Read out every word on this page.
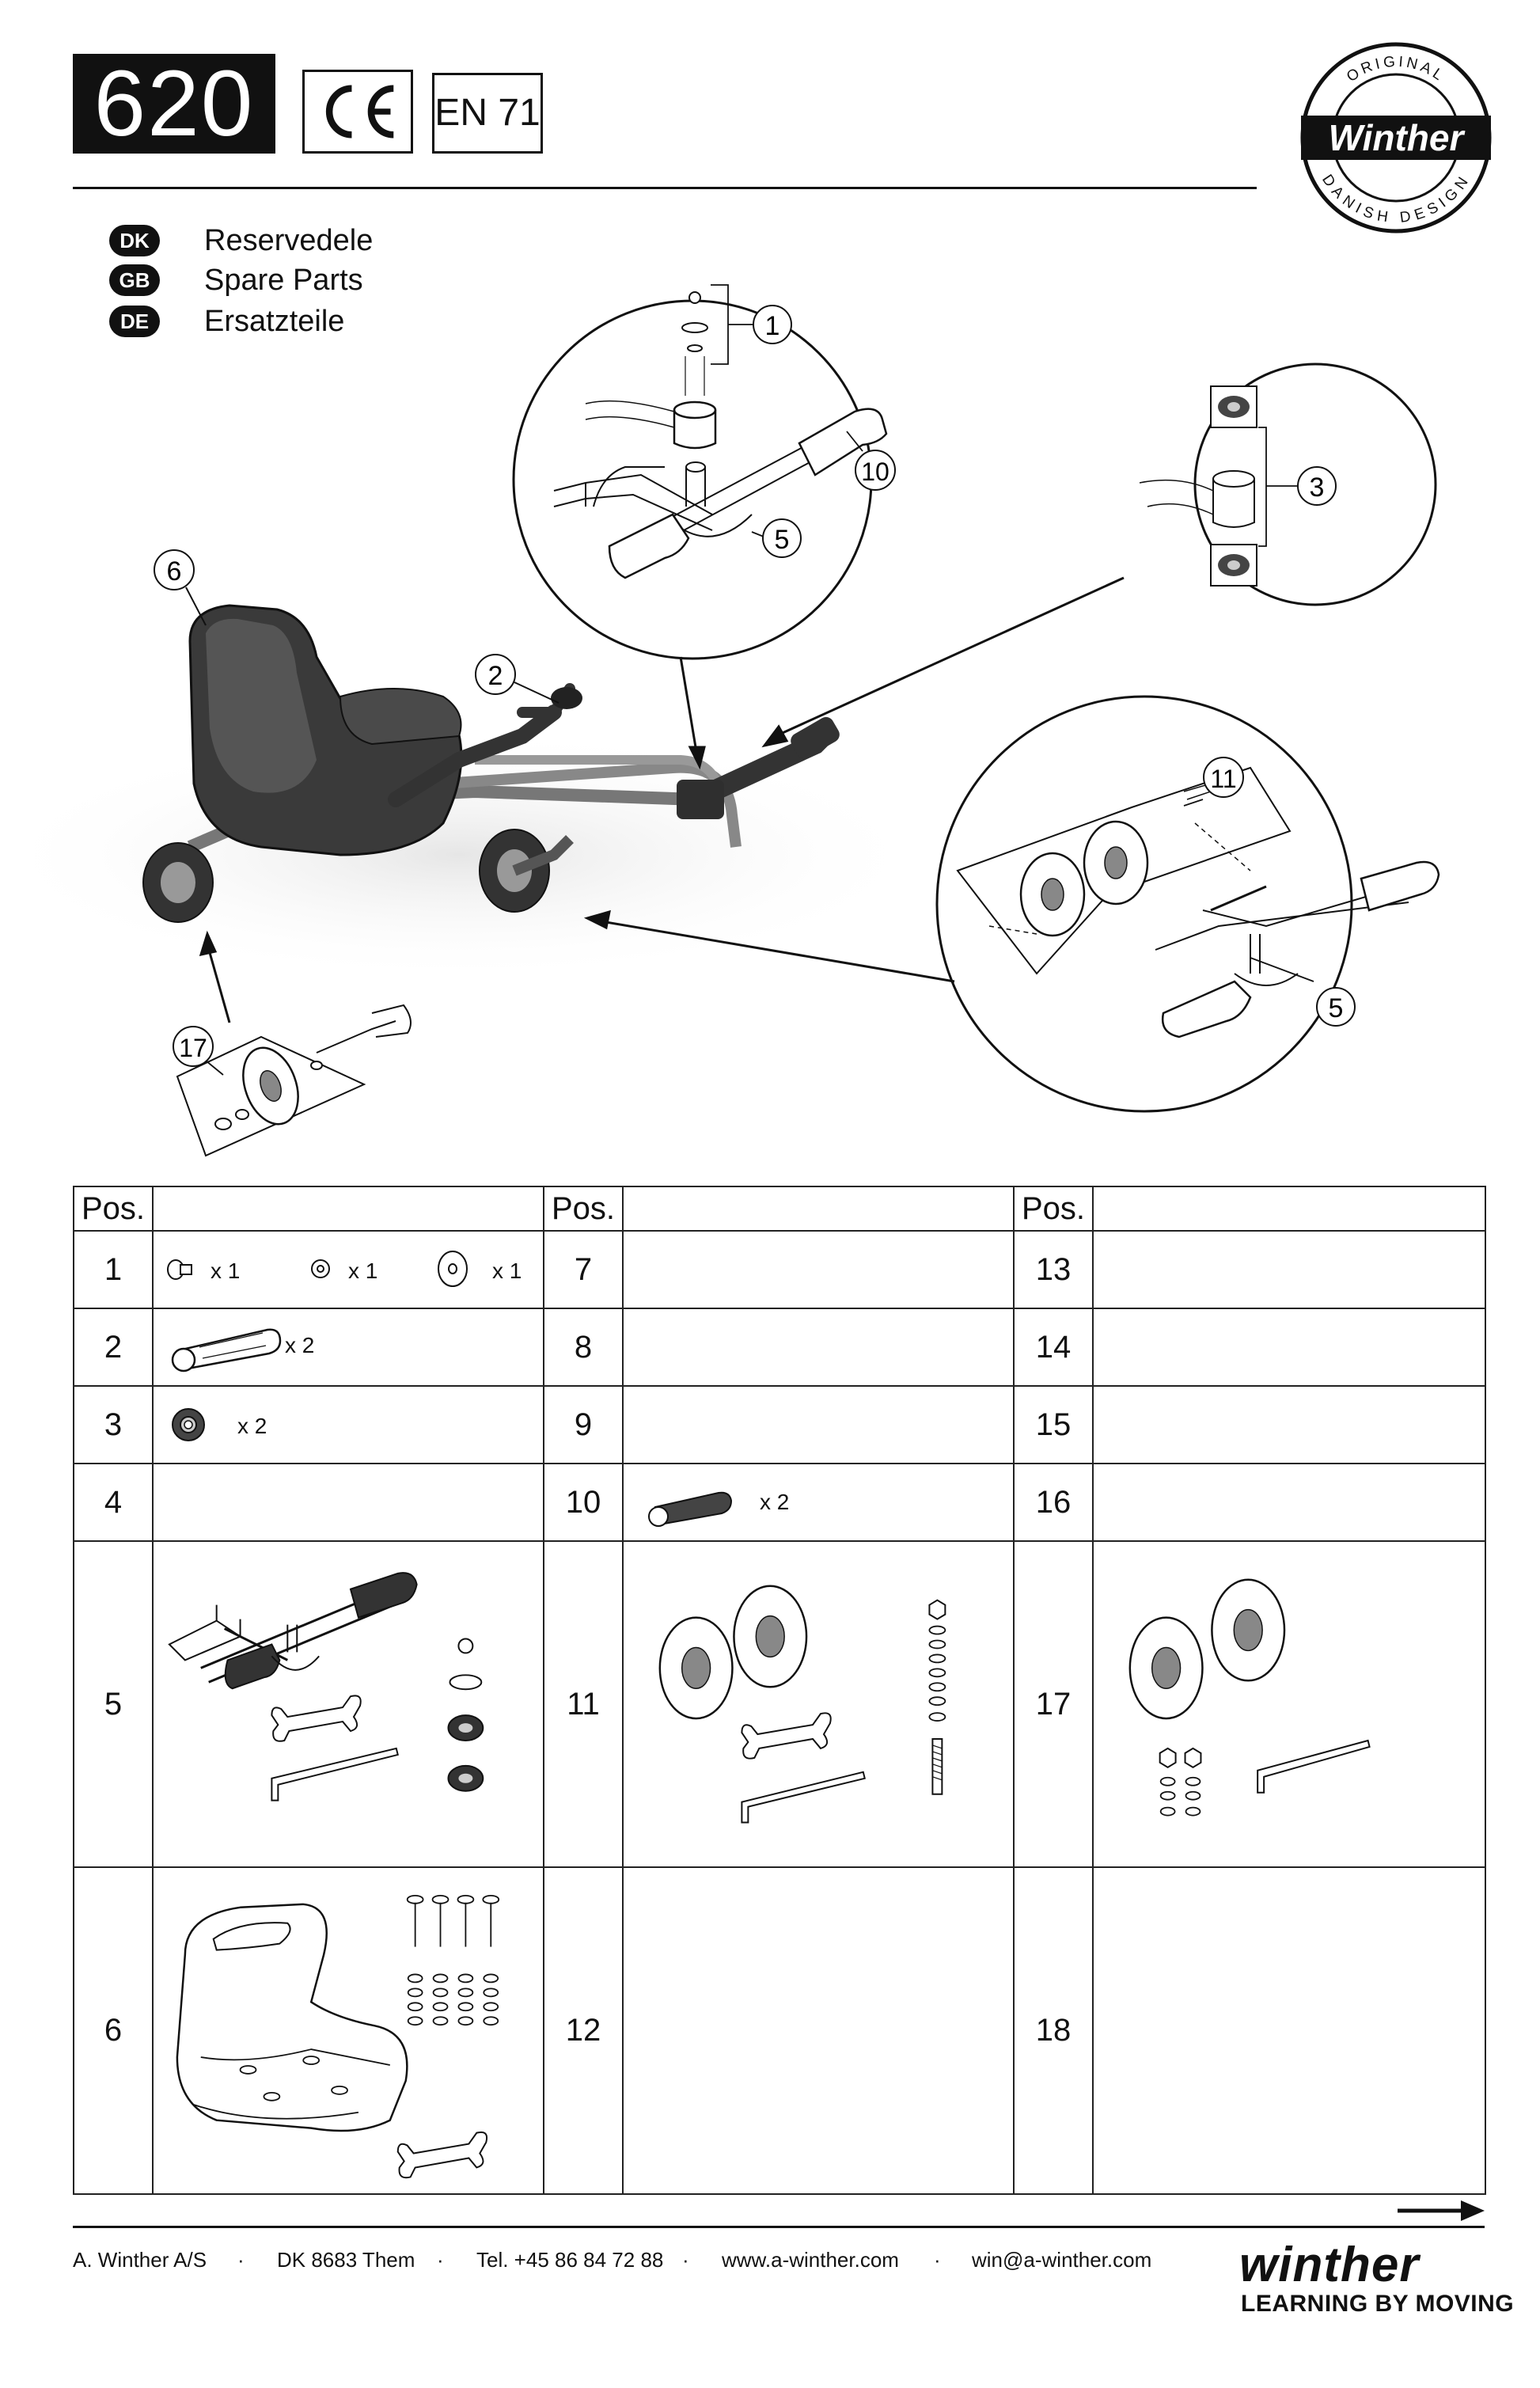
620	EN 71
ORIGINAL
DANISH DESIGN
Winther
DK	Reservedele
GB	Spare Parts
DE	Ersatzteile	1
10
5
3
11
5
17
6
2
Pos.		Pos.		Pos.	
1	x 1 x 1 x 1	7		13	
2	x 2	8		14	
3	x 2	9		15	
4		10	x 2	16	
5		11		17	

6		12		18	
A. Winther A/S · DK 8683 Them · Tel. +45 86 84 72 88 · www.a-winther.com · win@a-winther.com winther
LEARNING BY MOVING
